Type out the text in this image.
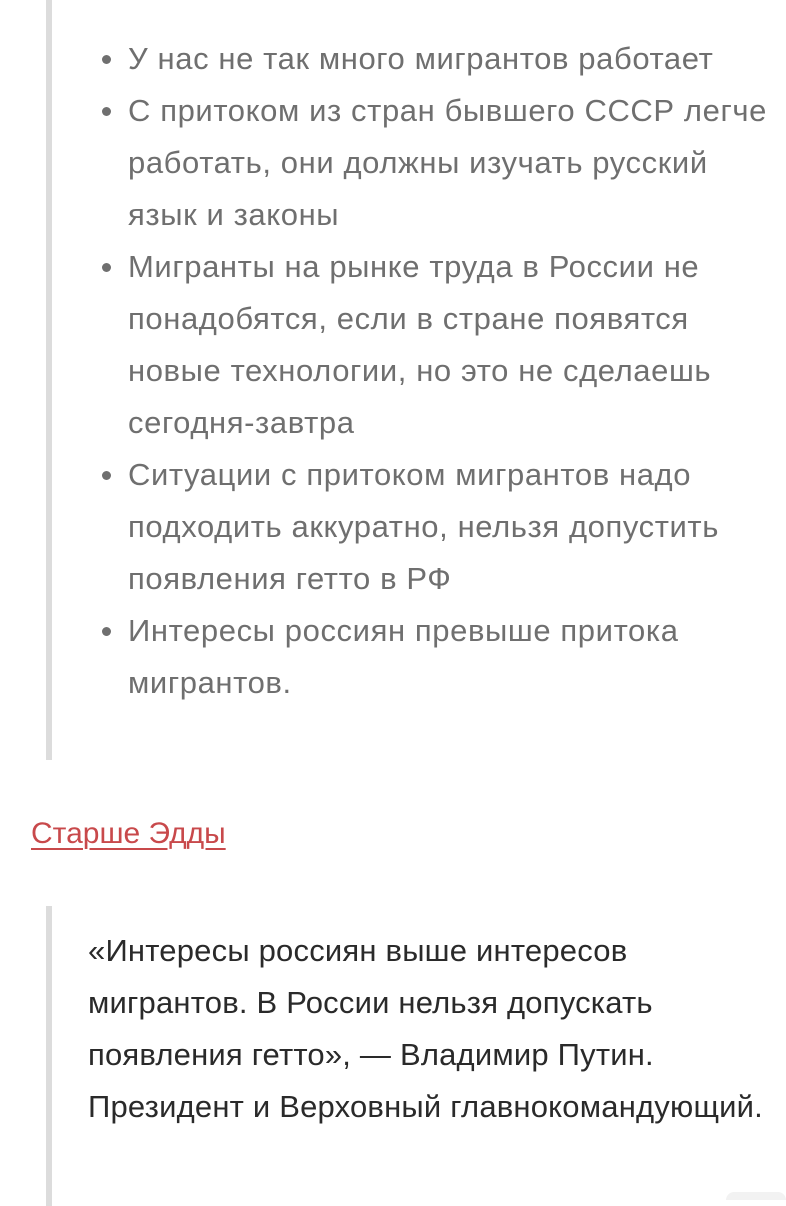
У нас не так много мигрантов работает
С притоком из стран бывшего СССР легче работать, они должны изучать русский язык и законы
Мигранты на рынке труда в России не понадобятся, если в стране появятся новые технологии, но это не сделаешь сегодня-завтра
Ситуации с притоком мигрантов надо подходить аккуратно, нельзя допустить появления гетто в РФ
Интересы россиян превыше притока мигрантов.
Старше Эдды

«Интересы россиян выше интересов мигрантов. В России нельзя допускать появления гетто», — Владимир Путин. Президент и Верховный главнокомандующий.
